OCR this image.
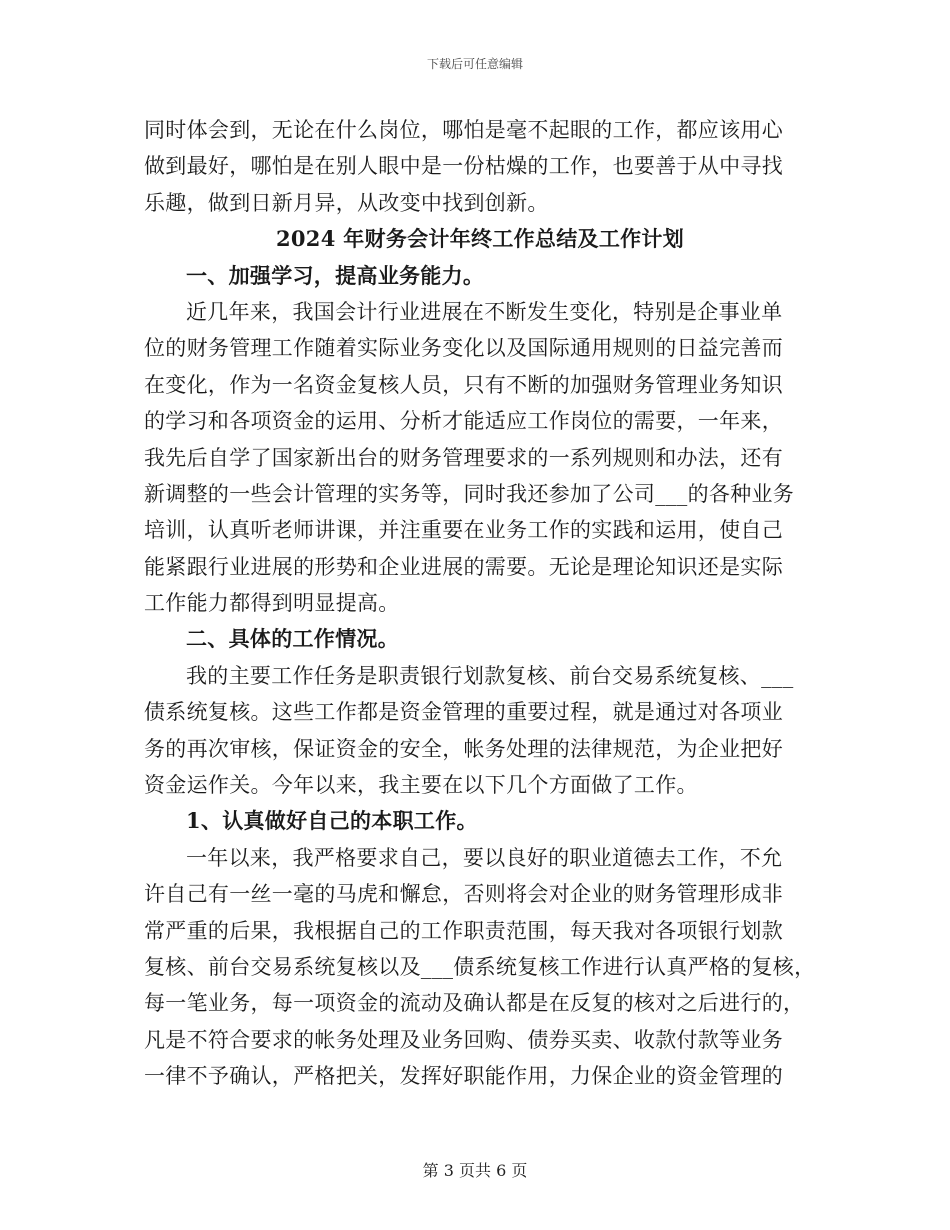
下载后可任意编辑
同时体会到，无论在什么岗位，哪怕是毫不起眼的工作，都应该用心
做到最好，哪怕是在别人眼中是一份枯燥的工作，也要善于从中寻找
乐趣，做到日新月异，从改变中找到创新。
2024 年财务会计年终工作总结及工作计划
一、加强学习，提高业务能力。
近几年来，我国会计行业进展在不断发生变化，特别是企事业单
位的财务管理工作随着实际业务变化以及国际通用规则的日益完善而
在变化，作为一名资金复核人员，只有不断的加强财务管理业务知识
的学习和各项资金的运用、分析才能适应工作岗位的需要，一年来，
我先后自学了国家新出台的财务管理要求的一系列规则和办法，还有
新调整的一些会计管理的实务等，同时我还参加了公司___的各种业务
培训，认真听老师讲课，并注重要在业务工作的实践和运用，使自己
能紧跟行业进展的形势和企业进展的需要。无论是理论知识还是实际
工作能力都得到明显提高。
二、具体的工作情况。
我的主要工作任务是职责银行划款复核、前台交易系统复核、___
债系统复核。这些工作都是资金管理的重要过程，就是通过对各项业
务的再次审核，保证资金的安全，帐务处理的法律规范，为企业把好
资金运作关。今年以来，我主要在以下几个方面做了工作。
1、认真做好自己的本职工作。
一年以来，我严格要求自己，要以良好的职业道德去工作，不允
许自己有一丝一毫的马虎和懈怠，否则将会对企业的财务管理形成非
常严重的后果，我根据自己的工作职责范围，每天我对各项银行划款
复核、前台交易系统复核以及___债系统复核工作进行认真严格的复核，
每一笔业务，每一项资金的流动及确认都是在反复的核对之后进行的，
凡是不符合要求的帐务处理及业务回购、债券买卖、收款付款等业务
一律不予确认，严格把关，发挥好职能作用，力保企业的资金管理的
第 3 页共 6 页
